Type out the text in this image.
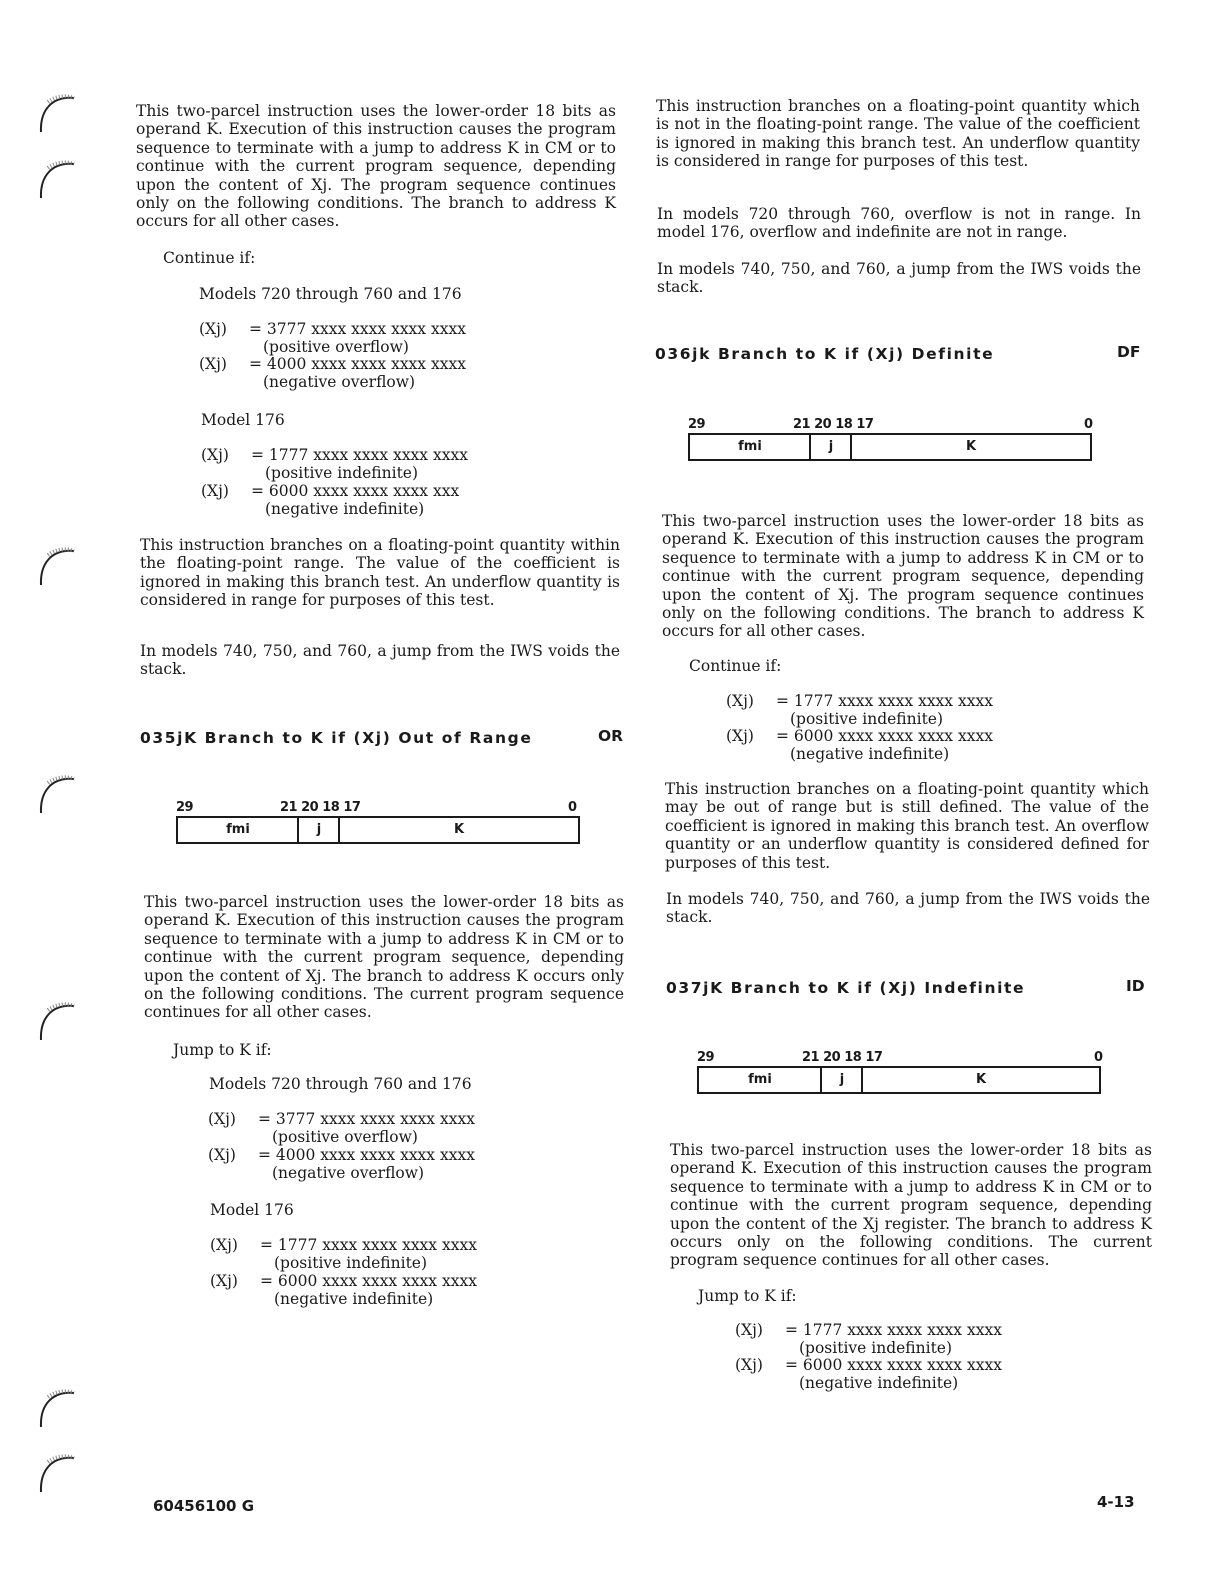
This two-parcel instruction uses the lower-order 18 bits as operand K. Execution of this instruction causes the program sequence to terminate with a jump to address K in CM or to continue with the current program sequence, depending upon the content of Xj. The program sequence continues only on the following conditions. The branch to address K occurs for all other cases.

Continue if:

Models 720 through 760 and 176

(Xj) = 3777 xxxx xxxx xxxx xxxx
(positive overflow)
(Xj) = 4000 xxxx xxxx xxxx xxxx
(negative overflow)

Model 176

(Xj) = 1777 xxxx xxxx xxxx xxxx
(positive indefinite)
(Xj) = 6000 xxxx xxxx xxxx xxx
(negative indefinite)

This instruction branches on a floating-point quantity within the floating-point range. The value of the coefficient is ignored in making this branch test. An underflow quantity is considered in range for purposes of this test.

In models 740, 750, and 760, a jump from the IWS voids the stack.

035jK Branch to K if (Xj) Out of Range	OR
29	21 20 18 17	0
fmi	j	K

This two-parcel instruction uses the lower-order 18 bits as operand K. Execution of this instruction causes the program sequence to terminate with a jump to address K in CM or to continue with the current program sequence, depending upon the content of Xj. The branch to address K occurs only on the following conditions. The current program sequence continues for all other cases.

Jump to K if:

Models 720 through 760 and 176

(Xj) = 3777 xxxx xxxx xxxx xxxx
(positive overflow)
(Xj) = 4000 xxxx xxxx xxxx xxxx
(negative overflow)

Model 176

(Xj) = 1777 xxxx xxxx xxxx xxxx
(positive indefinite)
(Xj) = 6000 xxxx xxxx xxxx xxxx
(negative indefinite)

This instruction branches on a floating-point quantity which is not in the floating-point range. The value of the coefficient is ignored in making this branch test. An underflow quantity is considered in range for purposes of this test.

In models 720 through 760, overflow is not in range. In model 176, overflow and indefinite are not in range.

In models 740, 750, and 760, a jump from the IWS voids the stack.

036jk Branch to K if (Xj) Definite	DF
29	21 20 18 17	0
fmi	j	K

This two-parcel instruction uses the lower-order 18 bits as operand K. Execution of this instruction causes the program sequence to terminate with a jump to address K in CM or to continue with the current program sequence, depending upon the content of Xj. The program sequence continues only on the following conditions. The branch to address K occurs for all other cases.

Continue if:

(Xj) = 1777 xxxx xxxx xxxx xxxx
(positive indefinite)
(Xj) = 6000 xxxx xxxx xxxx xxxx
(negative indefinite)

This instruction branches on a floating-point quantity which may be out of range but is still defined. The value of the coefficient is ignored in making this branch test. An overflow quantity or an underflow quantity is considered defined for purposes of this test.

In models 740, 750, and 760, a jump from the IWS voids the stack.

037jK Branch to K if (Xj) Indefinite	ID
29	21 20 18 17	0
fmi	j	K

This two-parcel instruction uses the lower-order 18 bits as operand K. Execution of this instruction causes the program sequence to terminate with a jump to address K in CM or to continue with the current program sequence, depending upon the content of the Xj register. The branch to address K occurs only on the following conditions. The current program sequence continues for all other cases.

Jump to K if:

(Xj) = 1777 xxxx xxxx xxxx xxxx
(positive indefinite)
(Xj) = 6000 xxxx xxxx xxxx xxxx
(negative indefinite)
60456100 G	4-13
